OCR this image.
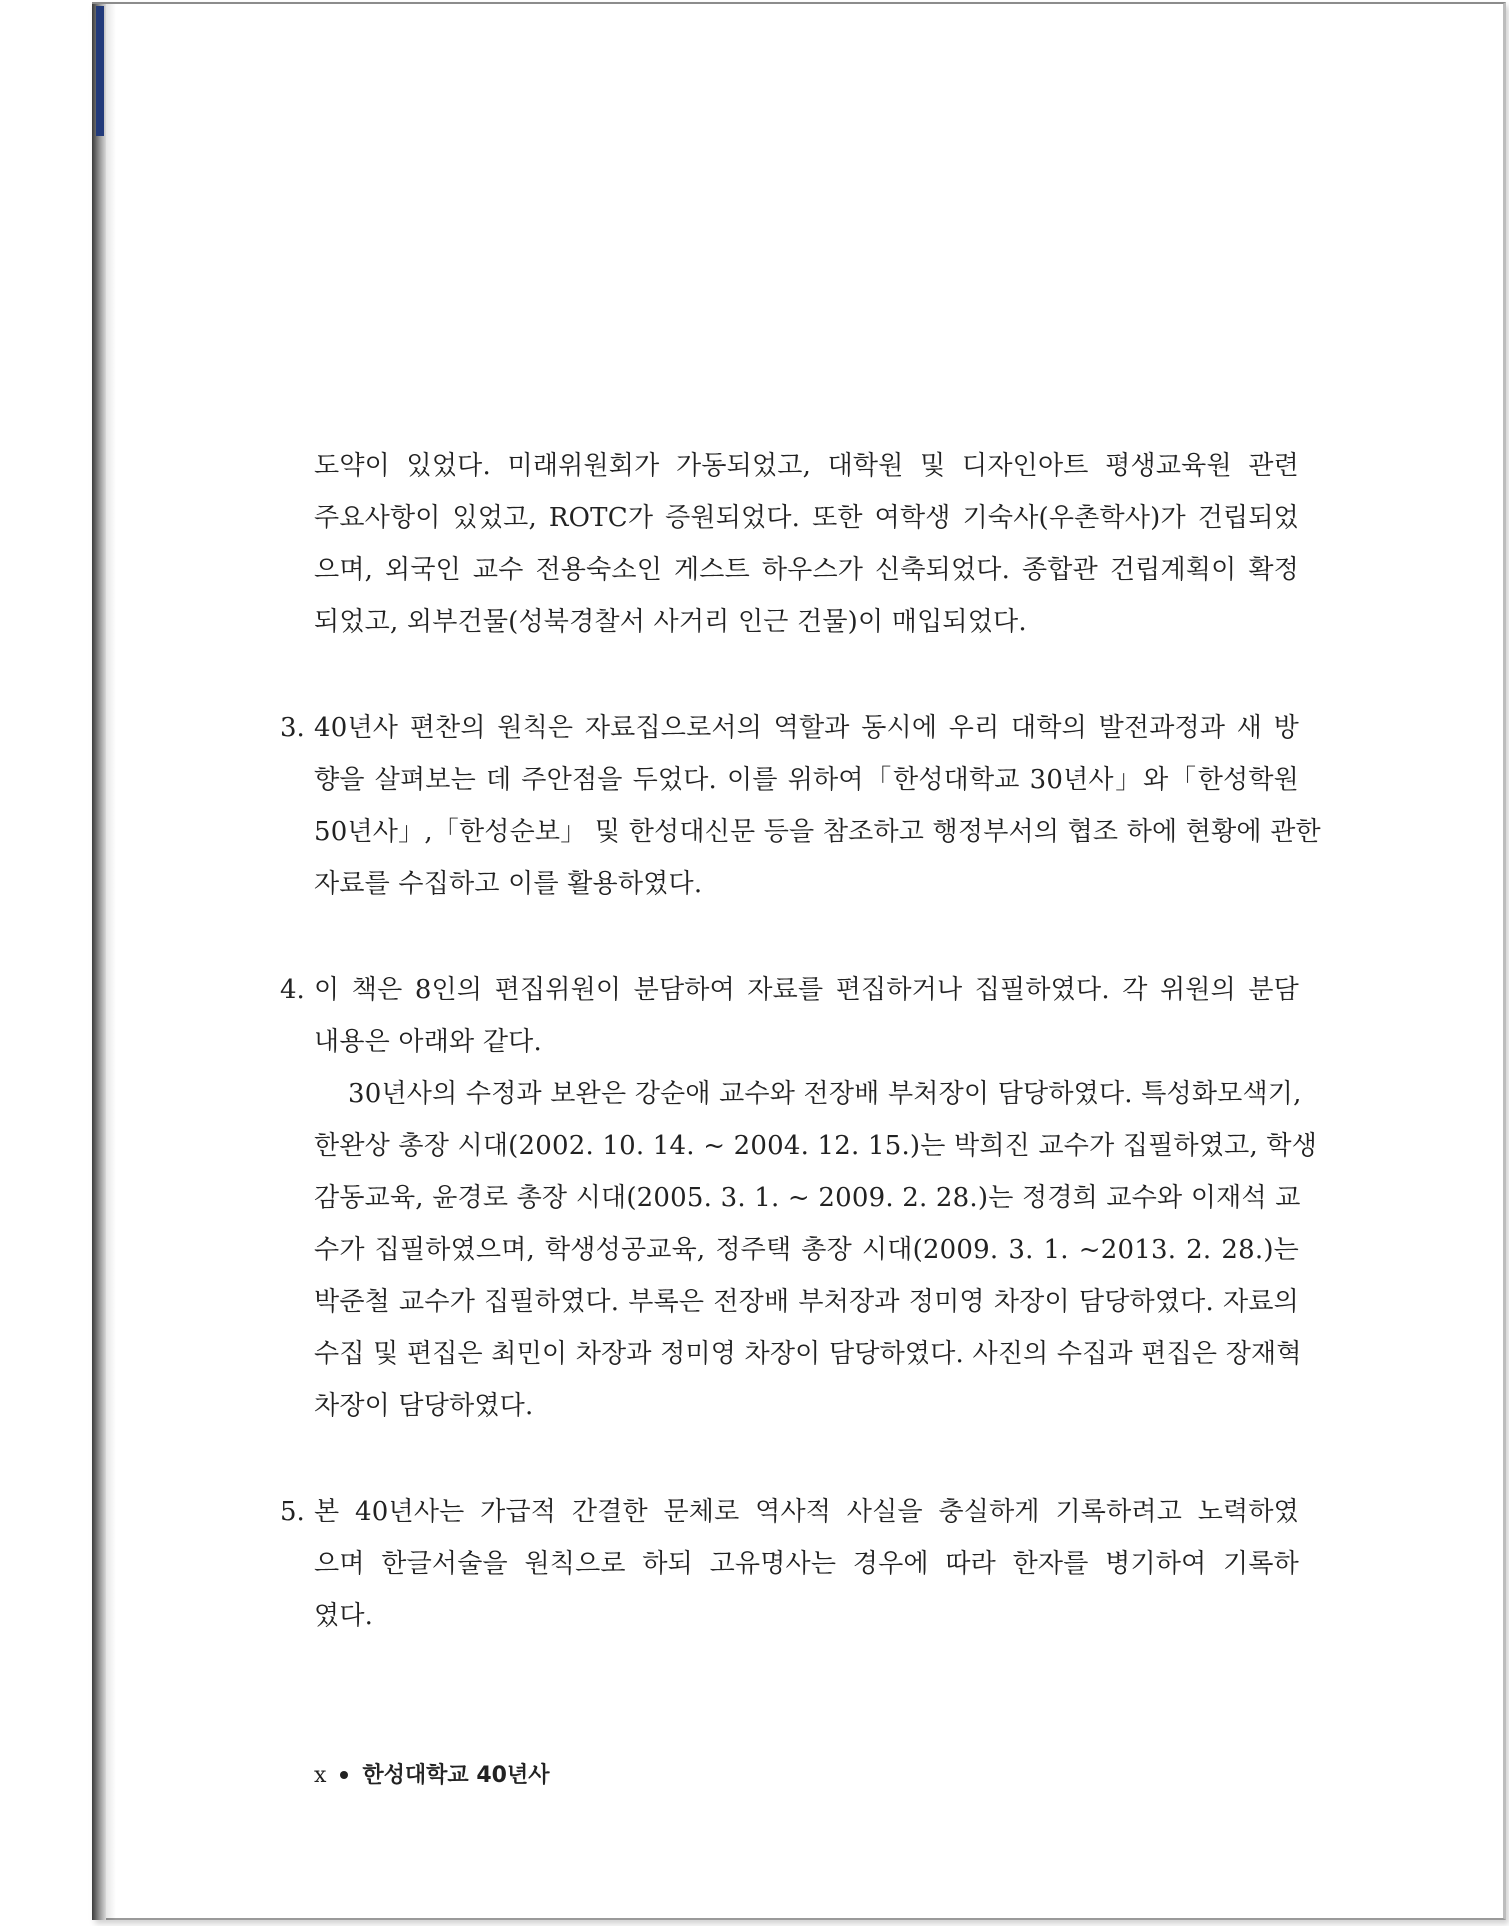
도약이 있었다. 미래위원회가 가동되었고, 대학원 및 디자인아트 평생교육원 관련
주요사항이 있었고, ROTC가 증원되었다. 또한 여학생 기숙사(우촌학사)가 건립되었
으며, 외국인 교수 전용숙소인 게스트 하우스가 신축되었다. 종합관 건립계획이 확정
되었고, 외부건물(성북경찰서 사거리 인근 건물)이 매입되었다.
3. 40년사 편찬의 원칙은 자료집으로서의 역할과 동시에 우리 대학의 발전과정과 새 방
향을 살펴보는 데 주안점을 두었다. 이를 위하여「한성대학교 30년사」와「한성학원
50년사」,「한성순보」 및 한성대신문 등을 참조하고 행정부서의 협조 하에 현황에 관한
자료를 수집하고 이를 활용하였다.
4. 이 책은 8인의 편집위원이 분담하여 자료를 편집하거나 집필하였다. 각 위원의 분담
내용은 아래와 같다.
30년사의 수정과 보완은 강순애 교수와 전장배 부처장이 담당하였다. 특성화모색기,
한완상 총장 시대(2002. 10. 14. ~ 2004. 12. 15.)는 박희진 교수가 집필하였고, 학생
감동교육, 윤경로 총장 시대(2005. 3. 1. ~ 2009. 2. 28.)는 정경희 교수와 이재석 교
수가 집필하였으며, 학생성공교육, 정주택 총장 시대(2009. 3. 1. ~2013. 2. 28.)는
박준철 교수가 집필하였다. 부록은 전장배 부처장과 정미영 차장이 담당하였다. 자료의
수집 및 편집은 최민이 차장과 정미영 차장이 담당하였다. 사진의 수집과 편집은 장재혁
차장이 담당하였다.
5. 본 40년사는 가급적 간결한 문체로 역사적 사실을 충실하게 기록하려고 노력하였
으며 한글서술을 원칙으로 하되 고유명사는 경우에 따라 한자를 병기하여 기록하
였다.
x 한성대학교 40년사
